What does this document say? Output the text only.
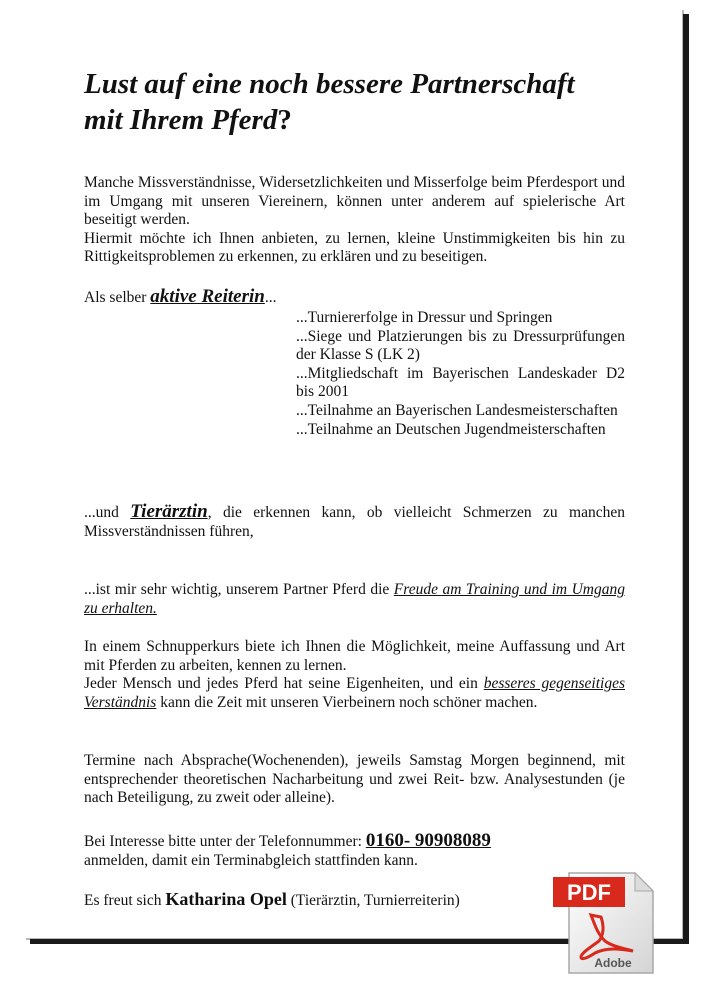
Lust auf eine noch bessere Partnerschaft
mit Ihrem Pferd?
Manche Missverständnisse, Widersetzlichkeiten und Misserfolge beim Pferdesport und im Umgang mit unseren Viereinern, können unter anderem auf spielerische Art beseitigt werden.
Hiermit möchte ich Ihnen anbieten, zu lernen, kleine Unstimmigkeiten bis hin zu Rittigkeitsproblemen zu erkennen, zu erklären und zu beseitigen.
Als selber aktive Reiterin...
...Turniererfolge in Dressur und Springen
...Siege und Platzierungen bis zu Dressurprüfungen der Klasse S (LK 2)
...Mitgliedschaft im Bayerischen Landeskader D2 bis 2001
...Teilnahme an Bayerischen Landesmeisterschaften
...Teilnahme an Deutschen Jugendmeisterschaften
...und Tierärztin, die erkennen kann, ob vielleicht Schmerzen zu manchen Missverständnissen führen,
...ist mir sehr wichtig, unserem Partner Pferd die Freude am Training und im Umgang zu erhalten.
In einem Schnupperkurs biete ich Ihnen die Möglichkeit, meine Auffassung und Art mit Pferden zu arbeiten, kennen zu lernen.
Jeder Mensch und jedes Pferd hat seine Eigenheiten, und ein besseres gegenseitiges Verständnis kann die Zeit mit unseren Vierbeinern noch schöner machen.
Termine nach Absprache(Wochenenden), jeweils Samstag Morgen beginnend, mit entsprechender theoretischen Nacharbeitung und zwei Reit- bzw. Analysestunden (je nach Beteiligung, zu zweit oder alleine).
Bei Interesse bitte unter der Telefonnummer: 0160- 90908089
anmelden, damit ein Terminabgleich stattfinden kann.
Es freut sich Katharina Opel (Tierärztin, Turnierreiterin)	PDF
Adobe
